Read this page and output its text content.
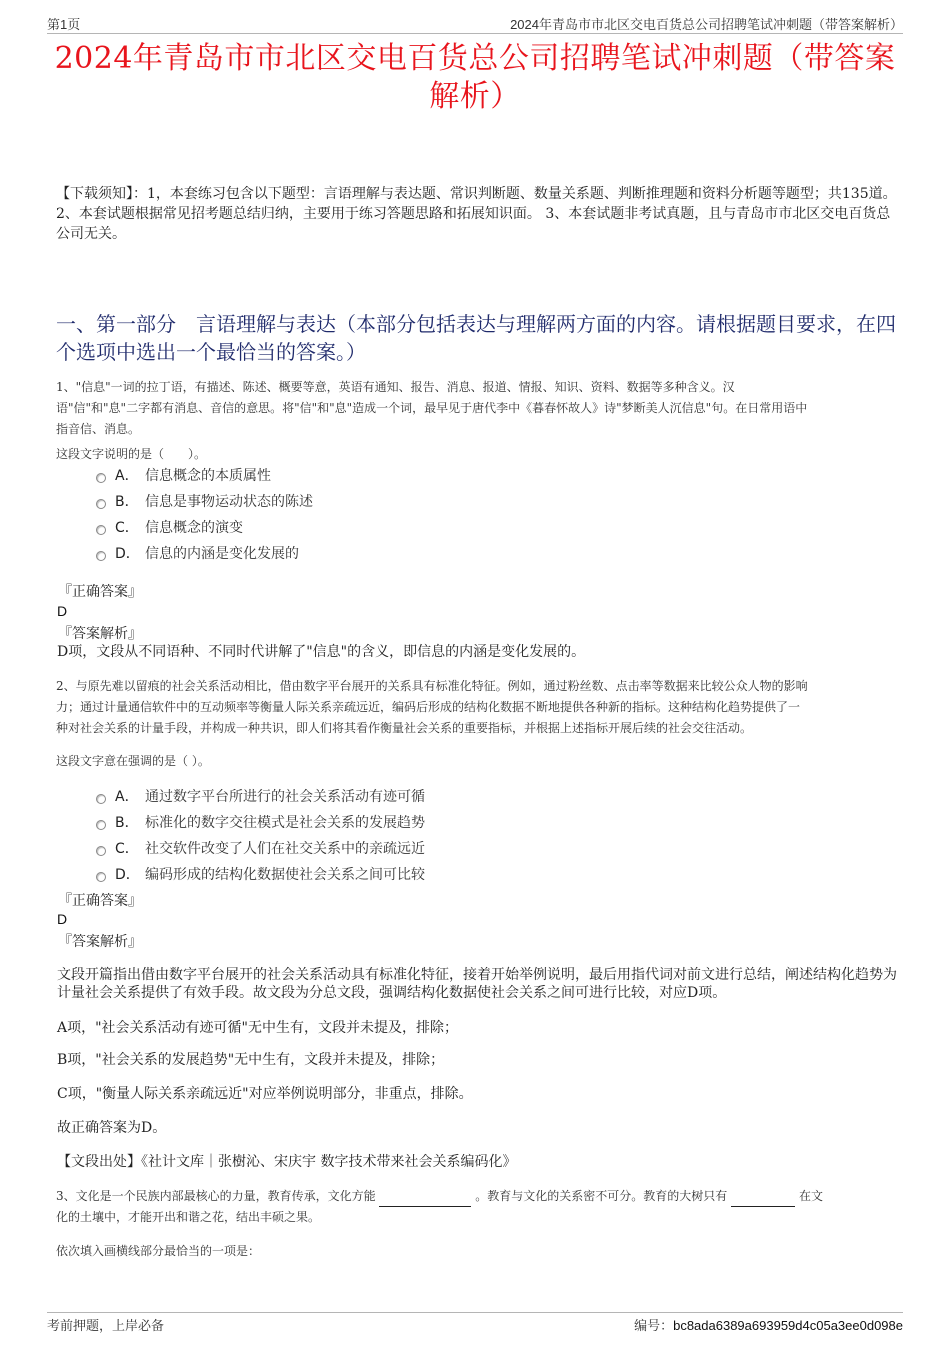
第1页	2024年青岛市市北区交电百货总公司招聘笔试冲刺题（带答案解析）
2024年青岛市市北区交电百货总公司招聘笔试冲刺题（带答案
解析）
【下载须知】：1，本套练习包含以下题型：言语理解与表达题、常识判断题、数量关系题、判断推理题和资料分析题等题型；共135道。 2、本套试题根据常见招考题总结归纳，主要用于练习答题思路和拓展知识面。 3、本套试题非考试真题，且与青岛市市北区交电百货总公司无关。
一、第一部分　言语理解与表达（本部分包括表达与理解两方面的内容。请根据题目要求，在四个选项中选出一个最恰当的答案。）
1、"信息"一词的拉丁语，有描述、陈述、概要等意，英语有通知、报告、消息、报道、情报、知识、资料、数据等多种含义。汉
语"信"和"息"二字都有消息、音信的意思。将"信"和"息"造成一个词，最早见于唐代李中《暮春怀故人》诗"梦断美人沉信息"句。在日常用语中
指音信、消息。
这段文字说明的是（　　）。
A． 信息概念的本质属性
B． 信息是事物运动状态的陈述
C． 信息概念的演变
D． 信息的内涵是变化发展的
『正确答案』
D
『答案解析』
D项，文段从不同语种、不同时代讲解了"信息"的含义，即信息的内涵是变化发展的。
2、与原先难以留痕的社会关系活动相比，借由数字平台展开的关系具有标准化特征。例如，通过粉丝数、点击率等数据来比较公众人物的影响
力；通过计量通信软件中的互动频率等衡量人际关系亲疏远近，编码后形成的结构化数据不断地提供各种新的指标。这种结构化趋势提供了一
种对社会关系的计量手段，并构成一种共识，即人们将其看作衡量社会关系的重要指标，并根据上述指标开展后续的社会交往活动。
这段文字意在强调的是（ ）。
A． 通过数字平台所进行的社会关系活动有迹可循
B． 标准化的数字交往模式是社会关系的发展趋势
C． 社交软件改变了人们在社交关系中的亲疏远近
D． 编码形成的结构化数据使社会关系之间可比较
『正确答案』
D
『答案解析』
文段开篇指出借由数字平台展开的社会关系活动具有标准化特征，接着开始举例说明，最后用指代词对前文进行总结，阐述结构化趋势为计量社会关系提供了有效手段。故文段为分总文段，强调结构化数据使社会关系之间可进行比较，对应D项。
A项，"社会关系活动有迹可循"无中生有，文段并未提及，排除；
B项，"社会关系的发展趋势"无中生有，文段并未提及，排除；
C项，"衡量人际关系亲疏远近"对应举例说明部分，非重点，排除。
故正确答案为D。
【文段出处】《社计文库｜张樹沁、宋庆宇 数字技术带来社会关系编码化》
3、文化是一个民族内部最核心的力量，教育传承，文化方能	。教育与文化的关系密不可分。教育的大树只有	在文
化的土壤中，才能开出和谐之花，结出丰硕之果。
依次填入画横线部分最恰当的一项是：
考前押题，上岸必备	编号：bc8ada6389a693959d4c05a3ee0d098e
